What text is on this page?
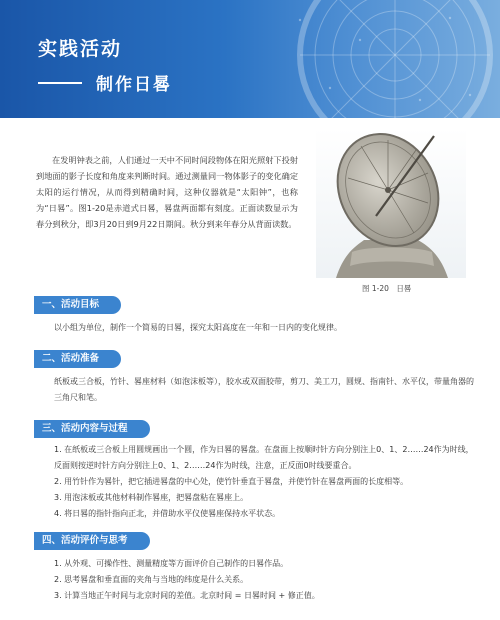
实践活动
制作日晷
在发明钟表之前，人们通过一天中不同时间段物体在阳光照射下投射到地面的影子长度和角度来判断时间。通过测量同一物体影子的变化确定太阳的运行情况，从而得到精确时间，这种仪器就是“太阳钟”，也称为“日晷”。图1-20是赤道式日晷，晷盘两面都有刻度。正面读数显示为春分到秋分，即3月20日到9月22日期间。秋分到来年春分从背面读数。
图 1-20　日晷
一、活动目标
以小组为单位，制作一个简易的日晷，探究太阳高度在一年和一日内的变化规律。
二、活动准备
纸板或三合板，竹针、晷座材料（如泡沫板等），胶水或双面胶带，剪刀、美工刀，圆规、指南针、水平仪，带量角器的三角尺和笔。
三、活动内容与过程
1. 在纸板或三合板上用圆规画出一个圆，作为日晷的晷盘。在盘面上按顺时针方向分别注上0、1、2……24作为时线，反面则按逆时针方向分别注上0、1、2……24作为时线，注意，正反面0时线要重合。
2. 用竹针作为晷针，把它插进晷盘的中心处，使竹针垂直于晷盘，并使竹针在晷盘两面的长度相等。
3. 用泡沫板或其他材料制作晷座，把晷盘粘在晷座上。
4. 将日晷的指针指向正北，并借助水平仪使晷座保持水平状态。
四、活动评价与思考
1. 从外观、可操作性、测量精度等方面评价自己制作的日晷作品。
2. 思考晷盘和垂直面的夹角与当地的纬度是什么关系。
3. 计算当地正午时间与北京时间的差值。北京时间 = 日晷时间 + 修正值。
